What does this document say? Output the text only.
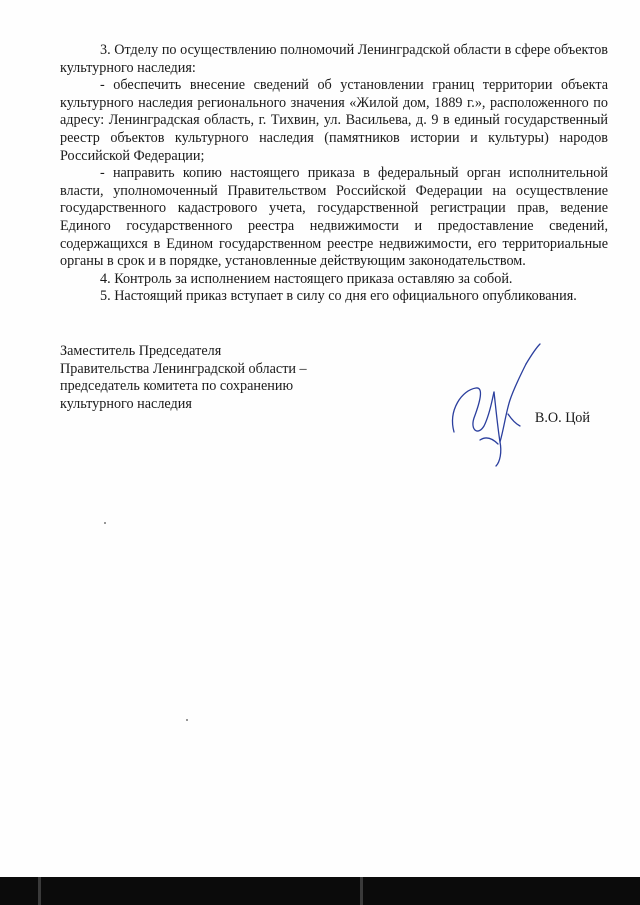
3. Отделу по осуществлению полномочий Ленинградской области в сфере объектов культурного наследия:

- обеспечить внесение сведений об установлении границ территории объекта культурного наследия регионального значения «Жилой дом, 1889 г.», расположенного по адресу: Ленинградская область, г. Тихвин, ул. Васильева, д. 9 в единый государственный реестр объектов культурного наследия (памятников истории и культуры) народов Российской Федерации;

- направить копию настоящего приказа в федеральный орган исполнительной власти, уполномоченный Правительством Российской Федерации на осуществление государственного кадастрового учета, государственной регистрации прав, ведение Единого государственного реестра недвижимости и предоставление сведений, содержащихся в Едином государственном реестре недвижимости, его территориальные органы в срок и в порядке, установленные действующим законодательством.

4. Контроль за исполнением настоящего приказа оставляю за собой.

5. Настоящий приказ вступает в силу со дня его официального опубликования.

Заместитель Председателя
Правительства Ленинградской области –
председатель комитета по сохранению
культурного наследия
В.О. Цой
